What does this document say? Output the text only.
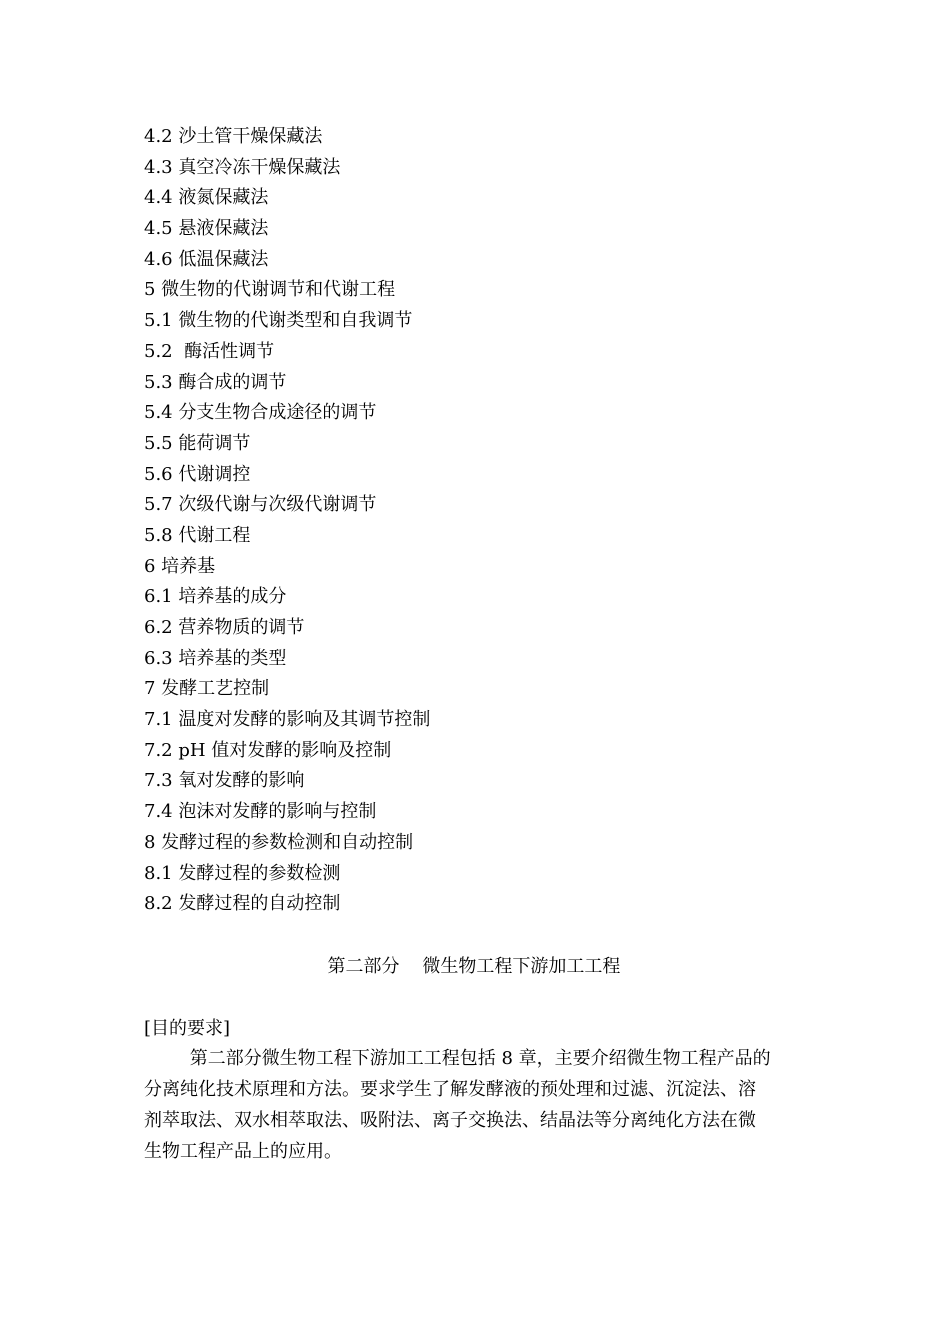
4.2 沙土管干燥保藏法
4.3 真空冷冻干燥保藏法
4.4 液氮保藏法
4.5 悬液保藏法
4.6 低温保藏法
5 微生物的代谢调节和代谢工程
5.1 微生物的代谢类型和自我调节
5.2  酶活性调节
5.3 酶合成的调节
5.4 分支生物合成途径的调节
5.5 能荷调节
5.6 代谢调控
5.7 次级代谢与次级代谢调节
5.8 代谢工程
6 培养基
6.1 培养基的成分
6.2 营养物质的调节
6.3 培养基的类型
7 发酵工艺控制
7.1 温度对发酵的影响及其调节控制
7.2 pH 值对发酵的影响及控制
7.3 氧对发酵的影响
7.4 泡沫对发酵的影响与控制
8 发酵过程的参数检测和自动控制
8.1 发酵过程的参数检测
8.2 发酵过程的自动控制
第二部分    微生物工程下游加工工程
[目的要求]
第二部分微生物工程下游加工工程包括 8 章，主要介绍微生物工程产品的
分离纯化技术原理和方法。要求学生了解发酵液的预处理和过滤、沉淀法、溶
剂萃取法、双水相萃取法、吸附法、离子交换法、结晶法等分离纯化方法在微
生物工程产品上的应用。
